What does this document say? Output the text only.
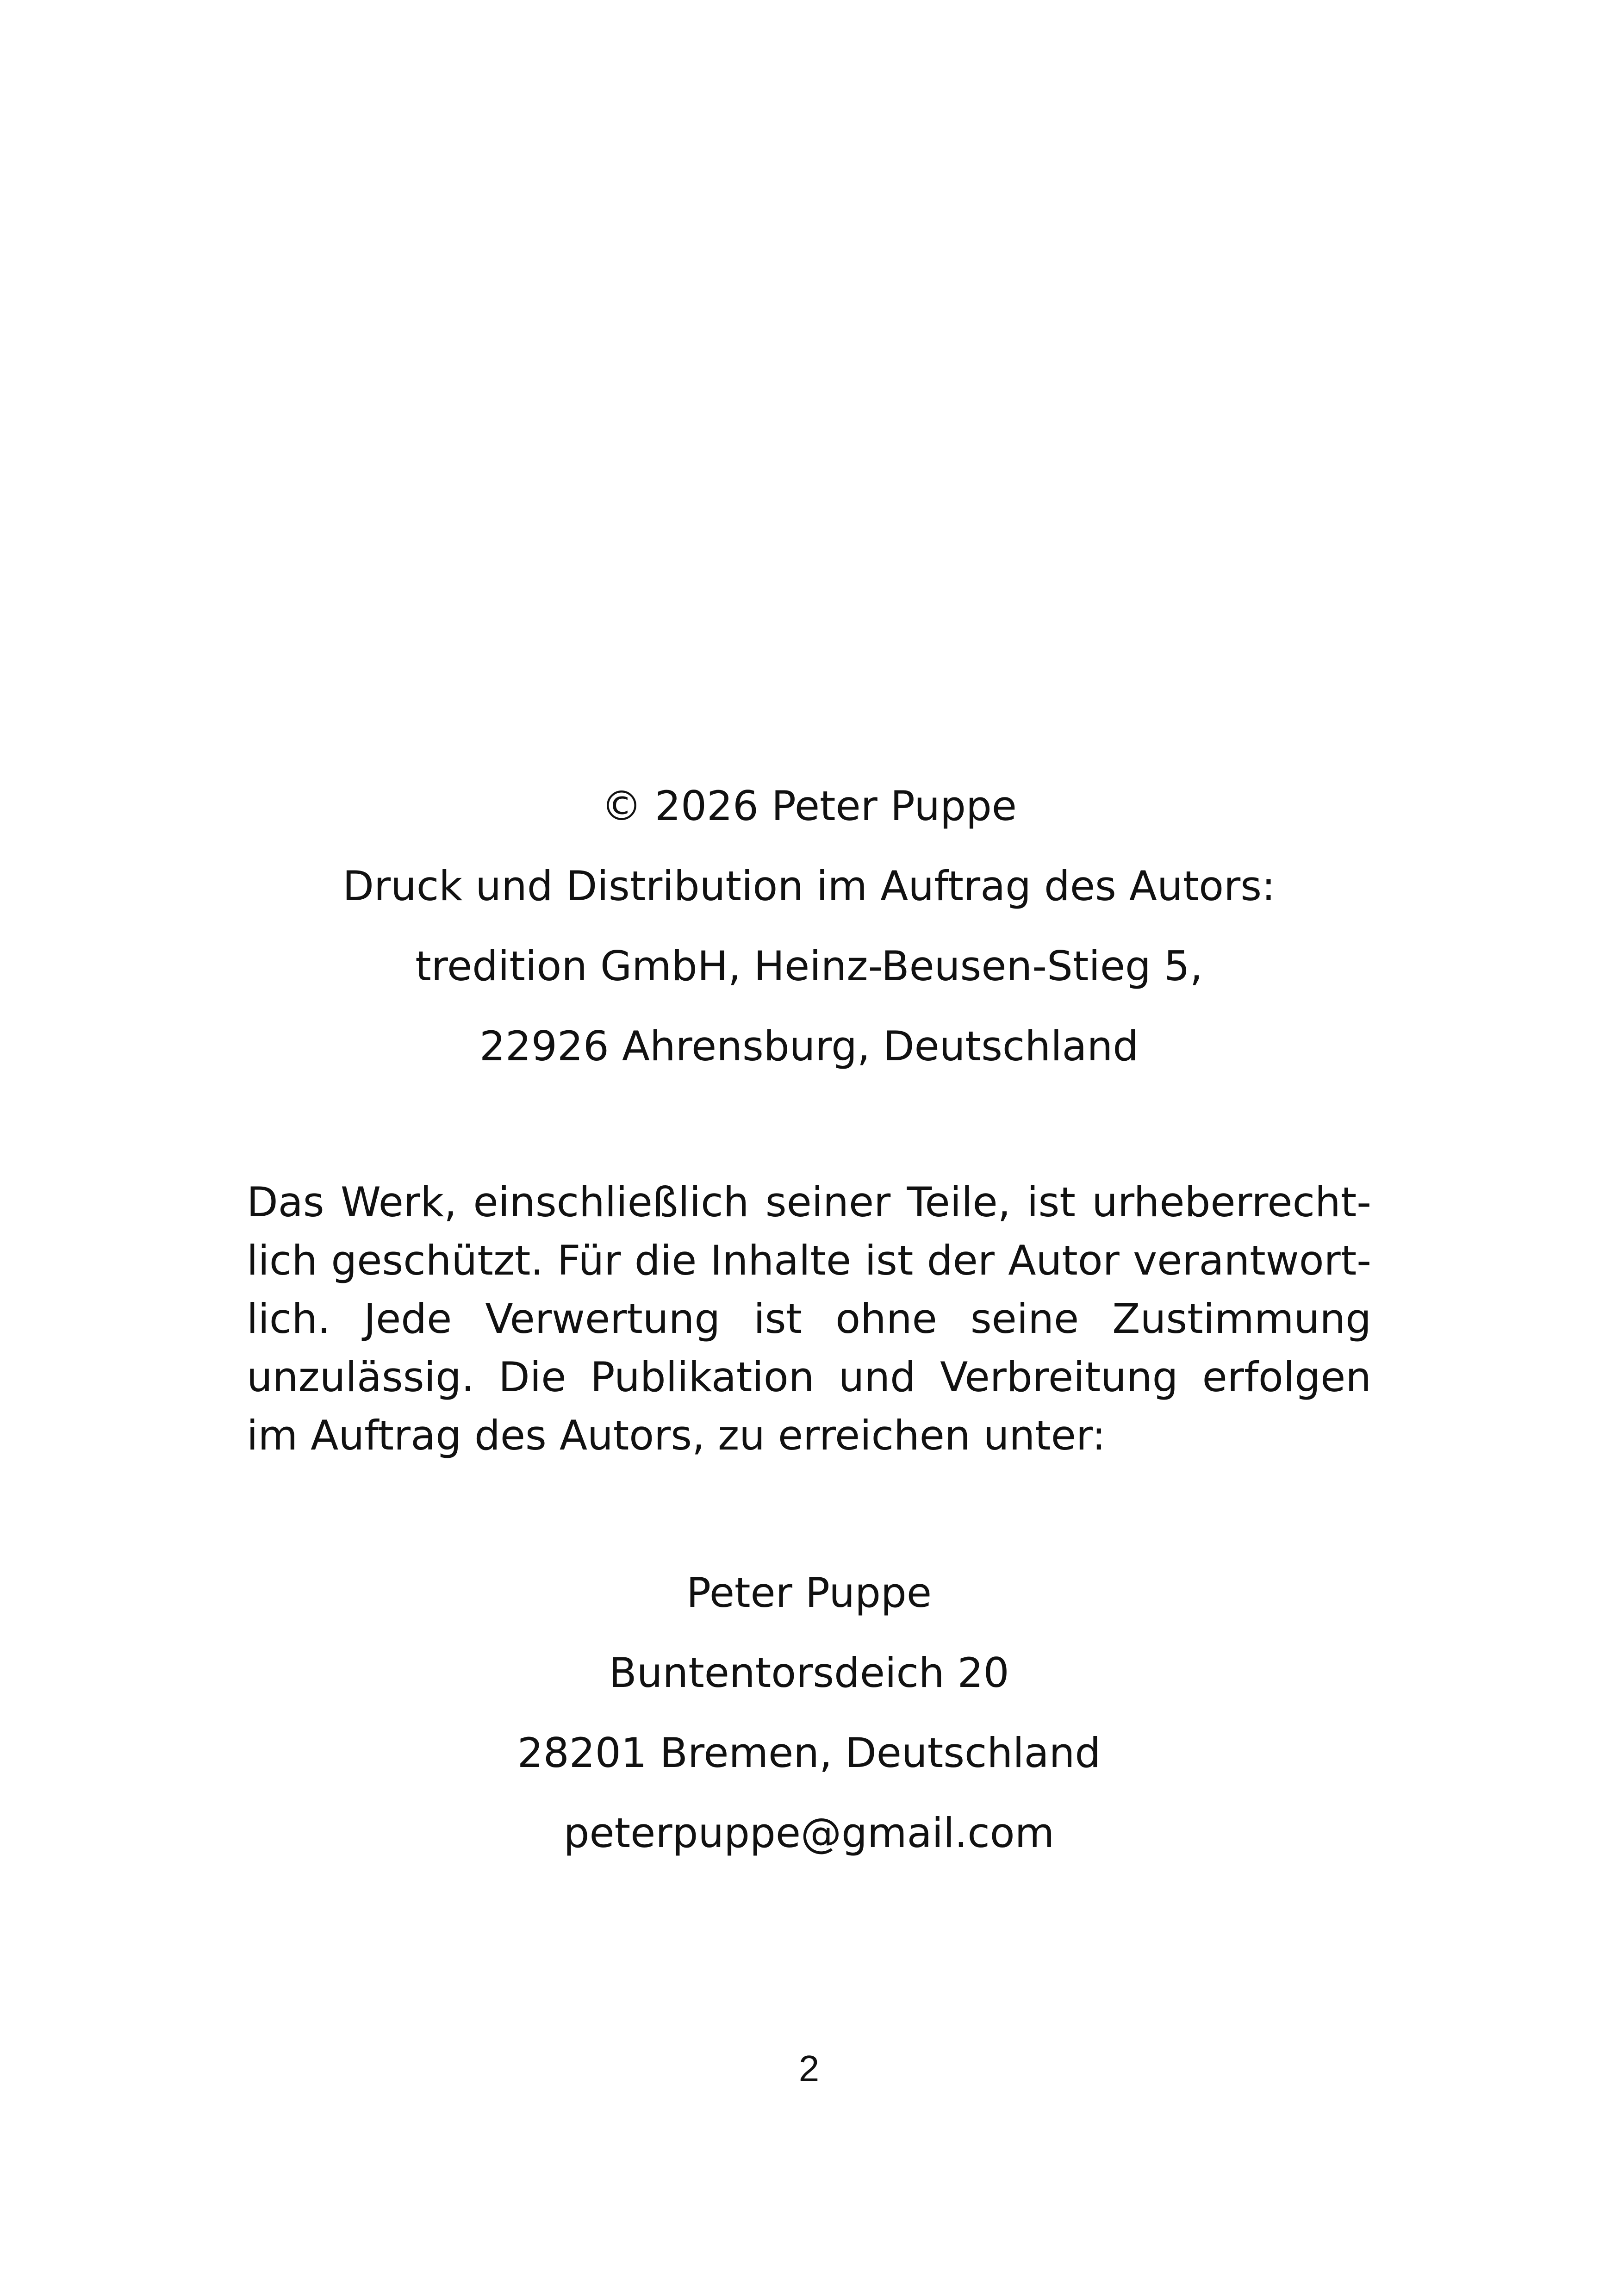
© 2026 Peter Puppe
Druck und Distribution im Auftrag des Autors:
tredition GmbH, Heinz-Beusen-Stieg 5,
22926 Ahrensburg, Deutschland

Das Werk, einschließlich seiner Teile, ist urheberrechtlich geschützt. Für die Inhalte ist der Autor verantwortlich. Jede Verwertung ist ohne seine Zustimmung unzulässig. Die Publikation und Verbreitung erfolgen im Auftrag des Autors, zu erreichen unter:

Peter Puppe
Buntentorsdeich 20
28201 Bremen, Deutschland
peterpuppe@gmail.com
2
